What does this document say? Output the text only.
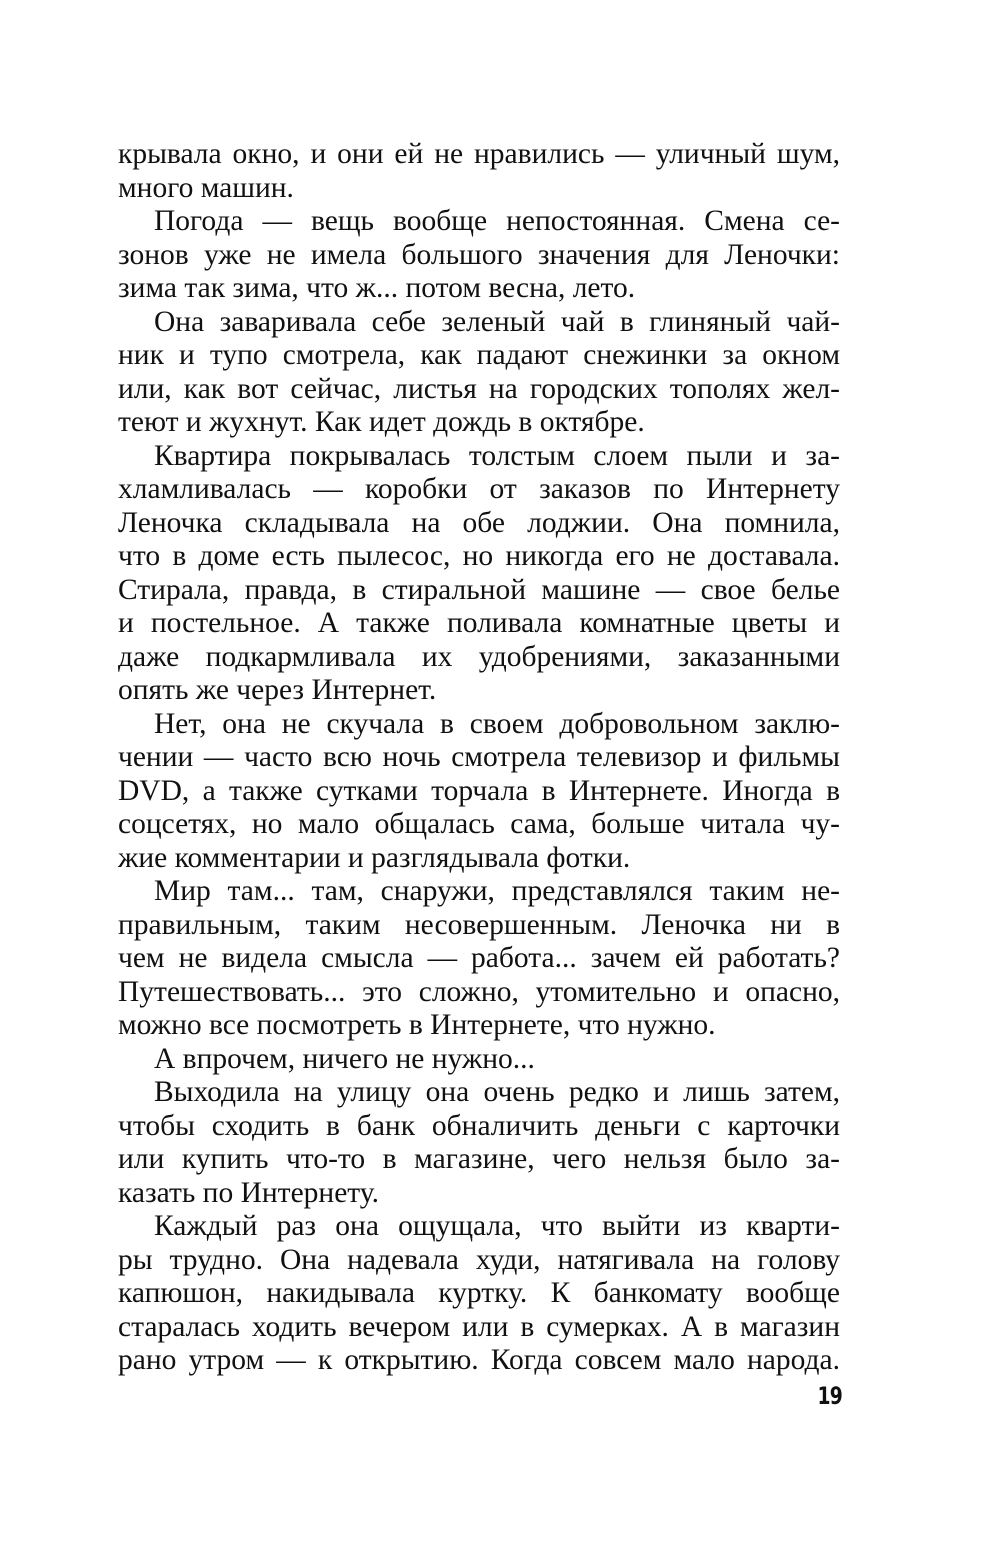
крывала окно, и они ей не нравились — уличный шум,
много машин.
Погода — вещь вообще непостоянная. Смена се-
зонов уже не имела большого значения для Леночки:
зима так зима, что ж... потом весна, лето.
Она заваривала себе зеленый чай в глиняный чай-
ник и тупо смотрела, как падают снежинки за окном
или, как вот сейчас, листья на городских тополях жел-
теют и жухнут. Как идет дождь в октябре.
Квартира покрывалась толстым слоем пыли и за-
хламливалась — коробки от заказов по Интернету
Леночка складывала на обе лоджии. Она помнила,
что в доме есть пылесос, но никогда его не доставала.
Стирала, правда, в стиральной машине — свое белье
и постельное. А также поливала комнатные цветы и
даже подкармливала их удобрениями, заказанными
опять же через Интернет.
Нет, она не скучала в своем добровольном заклю-
чении — часто всю ночь смотрела телевизор и фильмы
DVD, а также сутками торчала в Интернете. Иногда в
соцсетях, но мало общалась сама, больше читала чу-
жие комментарии и разглядывала фотки.
Мир там... там, снаружи, представлялся таким не-
правильным, таким несовершенным. Леночка ни в
чем не видела смысла — работа... зачем ей работать?
Путешествовать... это сложно, утомительно и опасно,
можно все посмотреть в Интернете, что нужно.
А впрочем, ничего не нужно...
Выходила на улицу она очень редко и лишь затем,
чтобы сходить в банк обналичить деньги с карточки
или купить что-то в магазине, чего нельзя было за-
казать по Интернету.
Каждый раз она ощущала, что выйти из кварти-
ры трудно. Она надевала худи, натягивала на голову
капюшон, накидывала куртку. К банкомату вообще
старалась ходить вечером или в сумерках. А в магазин
рано утром — к открытию. Когда совсем мало народа.
19
